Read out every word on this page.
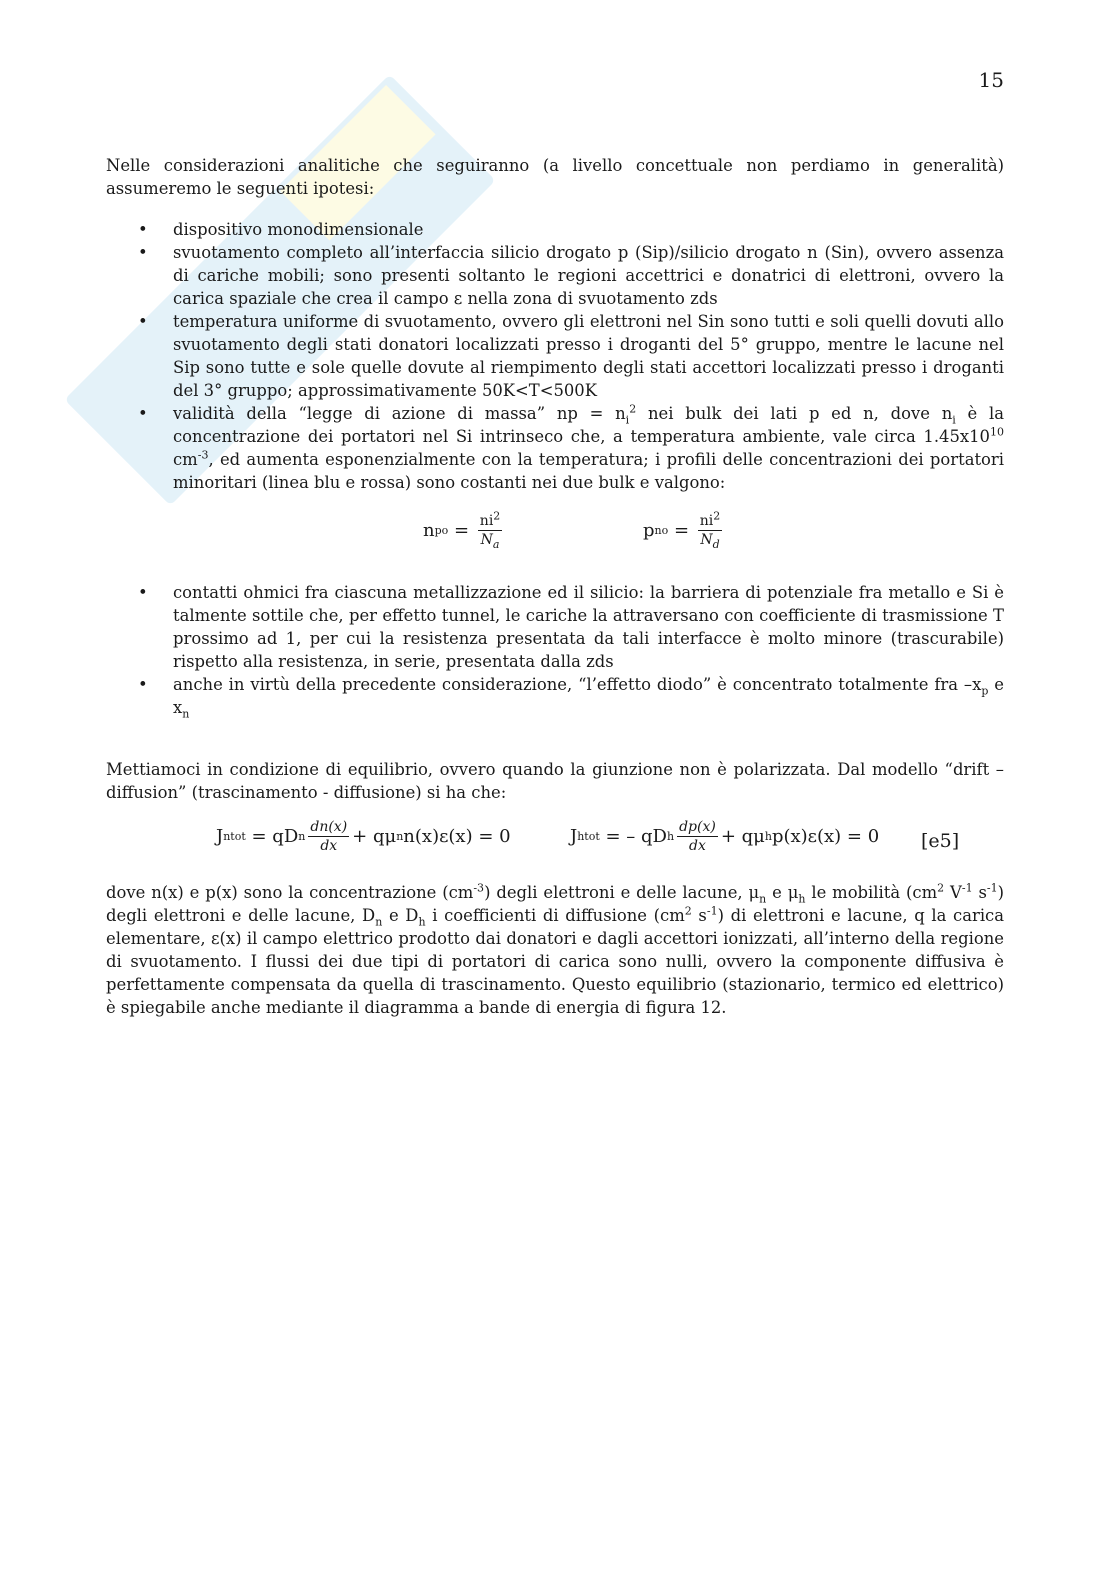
15

Nelle considerazioni analitiche che seguiranno (a livello concettuale non perdiamo in generalità) assumeremo le seguenti ipotesi:

• dispositivo monodimensionale
• svuotamento completo all’interfaccia silicio drogato p (Sip)/silicio drogato n (Sin), ovvero assenza di cariche mobili; sono presenti soltanto le regioni accettrici e donatrici di elettroni, ovvero la carica spaziale che crea il campo ε nella zona di svuotamento zds
• temperatura uniforme di svuotamento, ovvero gli elettroni nel Sin sono tutti e soli quelli dovuti allo svuotamento degli stati donatori localizzati presso i droganti del 5° gruppo, mentre le lacune nel Sip sono tutte e sole quelle dovute al riempimento degli stati accettori localizzati presso i droganti del 3° gruppo; approssimativamente 50K<T<500K
• validità della “legge di azione di massa” np = $n_i^2$ nei bulk dei lati p ed n, dove $n_i$ è la concentrazione dei portatori nel Si intrinseco che, a temperatura ambiente, vale circa $1.45x10^{10}$ $cm^{-3}$, ed aumenta esponenzialmente con la temperatura; i profili delle concentrazioni dei portatori minoritari (linea blu e rossa) sono costanti nei due bulk e valgono:
n po = $\frac{ni^2}{N_a}$	p no = $\frac{ni^2}{N_d}$
• contatti ohmici fra ciascuna metallizzazione ed il silicio: la barriera di potenziale fra metallo e Si è talmente sottile che, per effetto tunnel, le cariche la attraversano con coefficiente di trasmissione T prossimo ad 1, per cui la resistenza presentata da tali interfacce è molto minore (trascurabile) rispetto alla resistenza, in serie, presentata dalla zds
• anche in virtù della precedente considerazione, “l’effetto diodo” è concentrato totalmente fra $-x_p$ e $x_n$

Mettiamoci in condizione di equilibrio, ovvero quando la giunzione non è polarizzata. Dal modello “drift – diffusion” (trascinamento - diffusione) si ha che:

J ntot = qD n $\frac{dn(x)}{dx} + q\mu$ n n(x)ε(x) = 0	J htot = – qD h $\frac{dp(x)}{dx} + q\mu$ h p(x)ε(x) = 0 [e5]

dove n(x) e p(x) sono la concentrazione $(cm^{-3})$ degli elettroni e delle lacune, $\mu_n$ e $\mu_h$ le mobilità ($cm^2$ $V^{-1}$ $s^{-1}$) degli elettroni e delle lacune, $D_n$ e $D_h$ i coefficienti di diffusione ($cm^2$ $s^{-1}$) di elettroni e lacune, q la carica elementare, ε(x) il campo elettrico prodotto dai donatori e dagli accettori ionizzati, all’interno della regione di svuotamento. I flussi dei due tipi di portatori di carica sono nulli, ovvero la componente diffusiva è perfettamente compensata da quella di trascinamento. Questo equilibrio (stazionario, termico ed elettrico) è spiegabile anche mediante il diagramma a bande di energia di figura 12.
